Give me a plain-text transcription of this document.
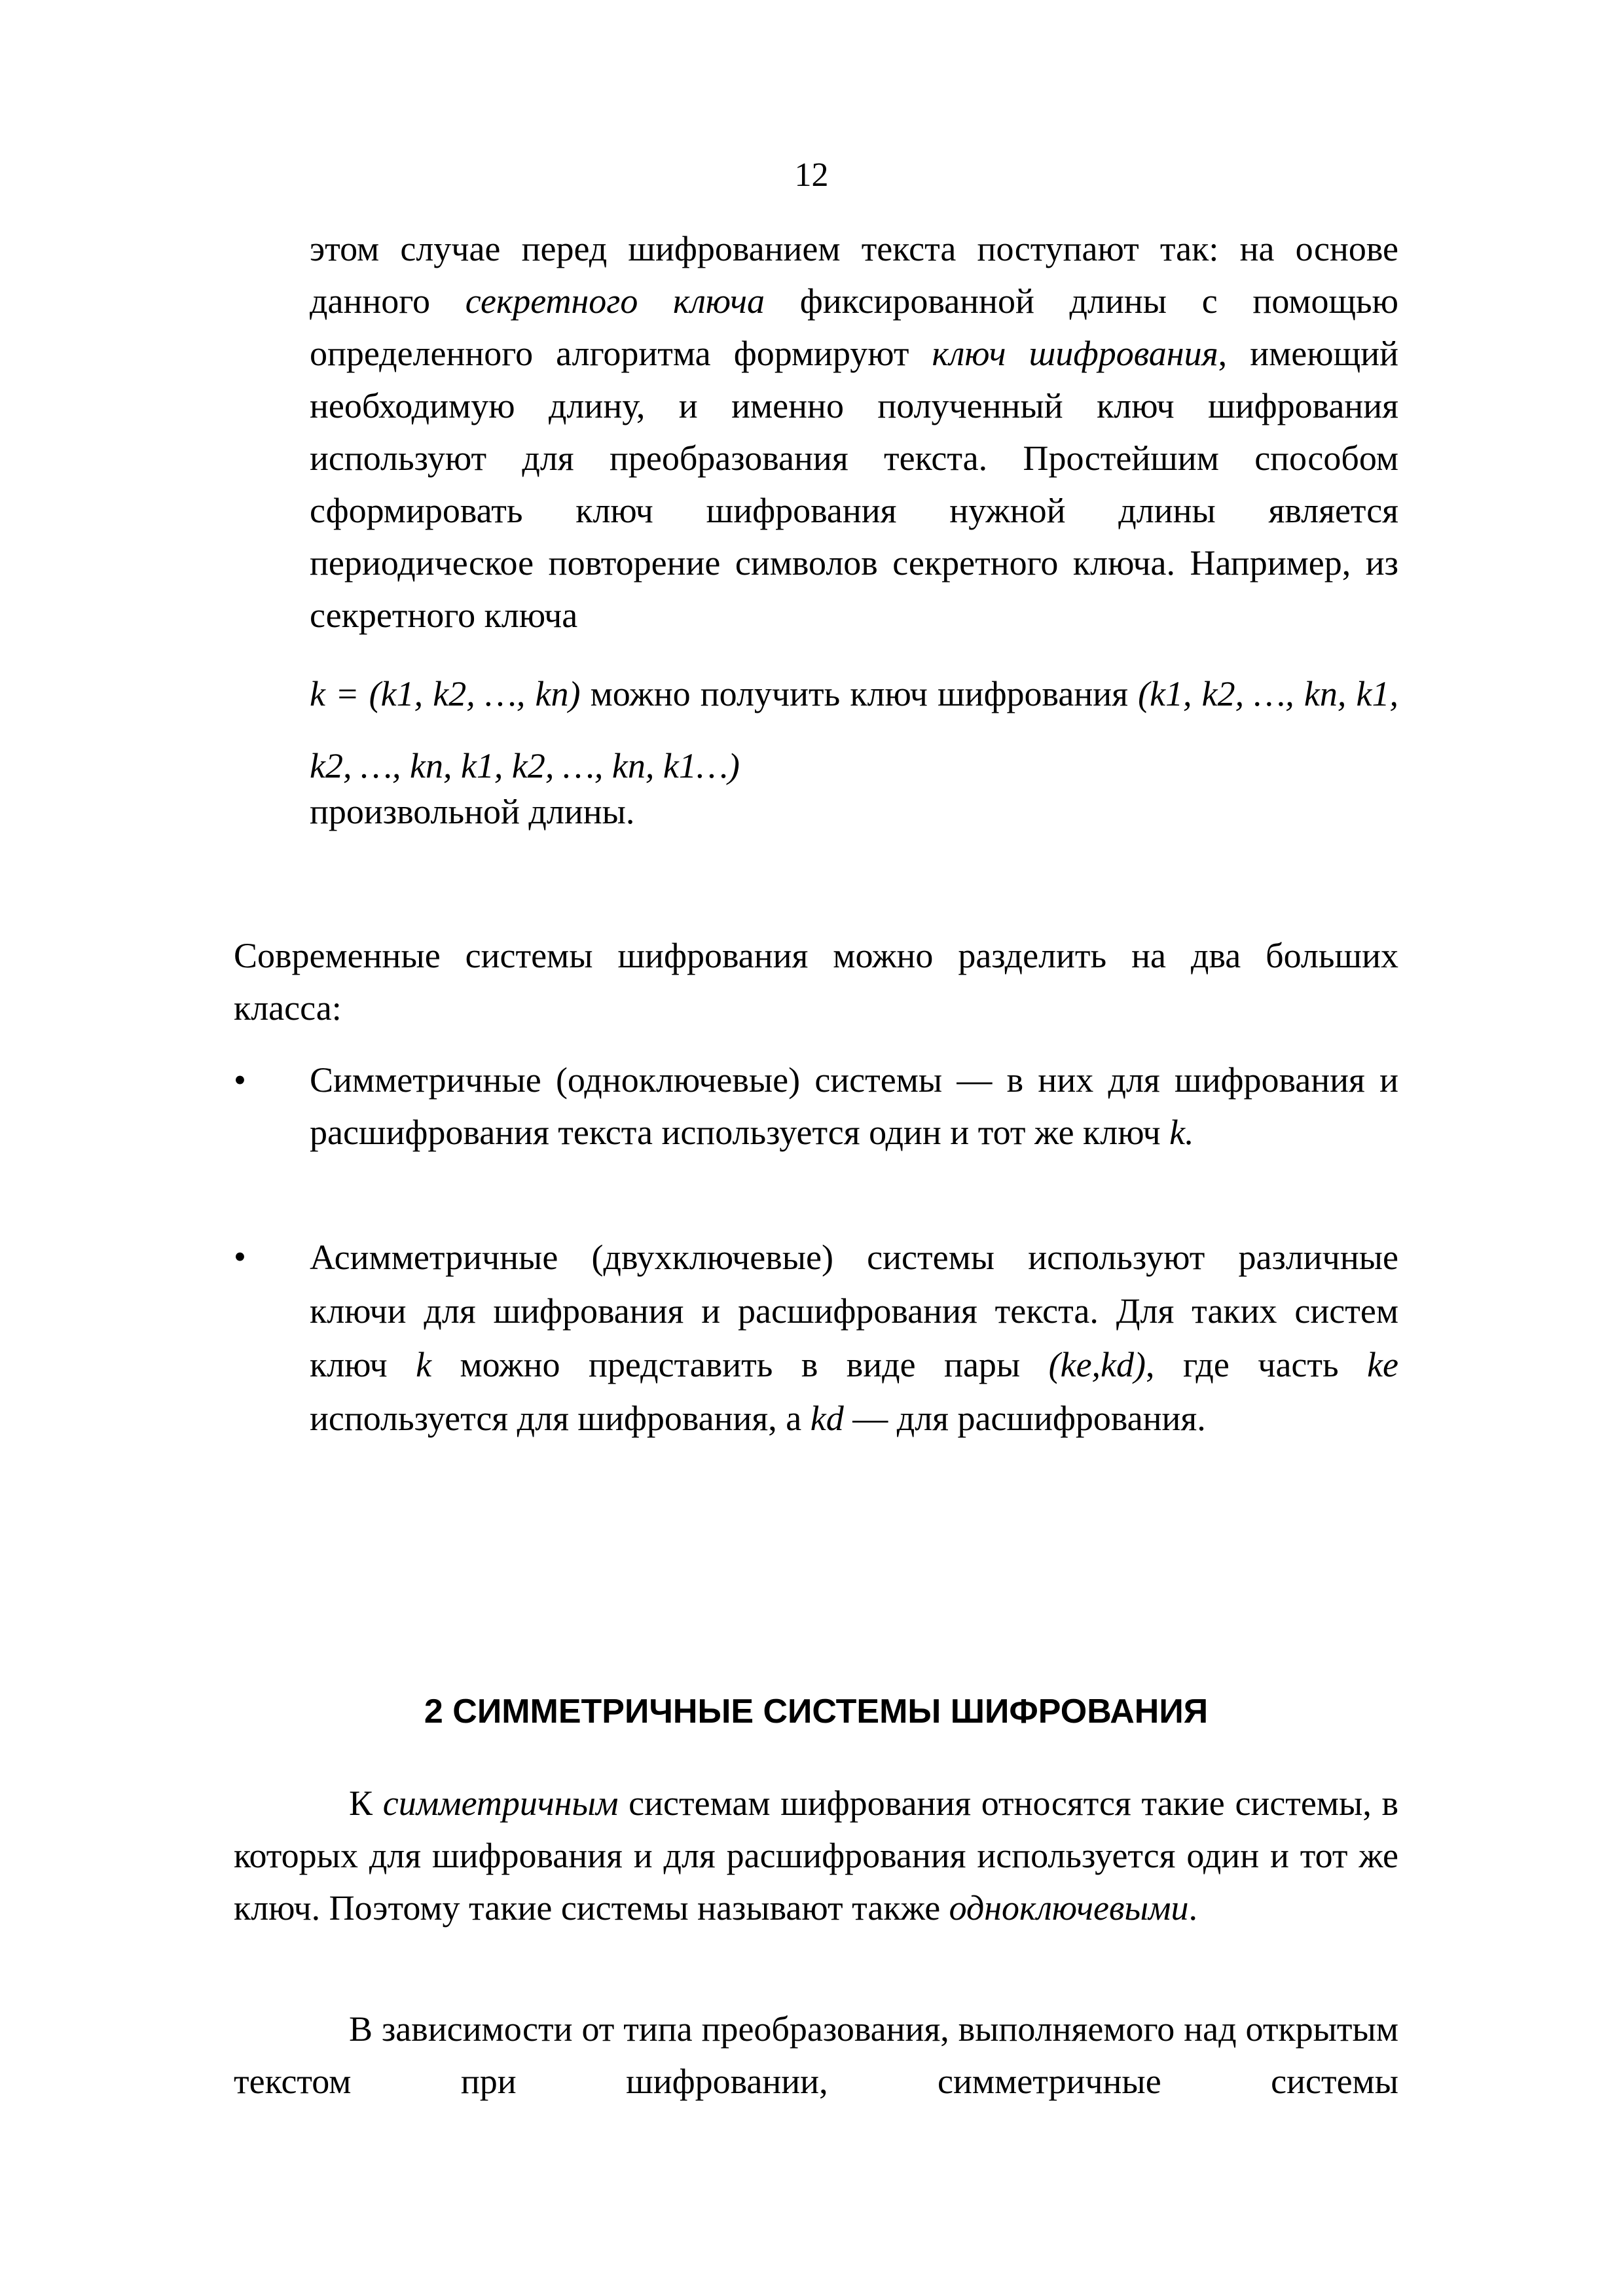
12
этом случае перед шифрованием текста поступают так: на основе данного секретного ключа фиксированной длины с помощью определенного алгоритма формируют ключ шифрования, имеющий необходимую длину, и именно полученный ключ шифрования используют для преобразования текста. Простейшим способом сформировать ключ шифрования нужной длины является периодическое повторение символов секретного ключа. Например, из секретного ключа
k = (k1, k2, …, kn) можно получить ключ шифрования (k1, k2, …, kn, k1, k2, …, kn, k1, k2, …, kn, k1…)
произвольной длины.
Современные системы шифрования можно разделить на два больших класса:
•	Симметричные (одноключевые) системы — в них для шифрования и расшифрования текста используется один и тот же ключ k.
•	Асимметричные (двухключевые) системы используют различные ключи для шифрования и расшифрования текста. Для таких систем ключ k можно представить в виде пары (ke,kd), где часть ke используется для шифрования, а kd — для расшифрования.
2 СИММЕТРИЧНЫЕ СИСТЕМЫ ШИФРОВАНИЯ
К симметричным системам шифрования относятся такие системы, в которых для шифрования и для расшифрования используется один и тот же ключ. Поэтому такие системы называют также одноключевыми.
В зависимости от типа преобразования, выполняемого над открытым текстом при шифровании, симметричные системы
